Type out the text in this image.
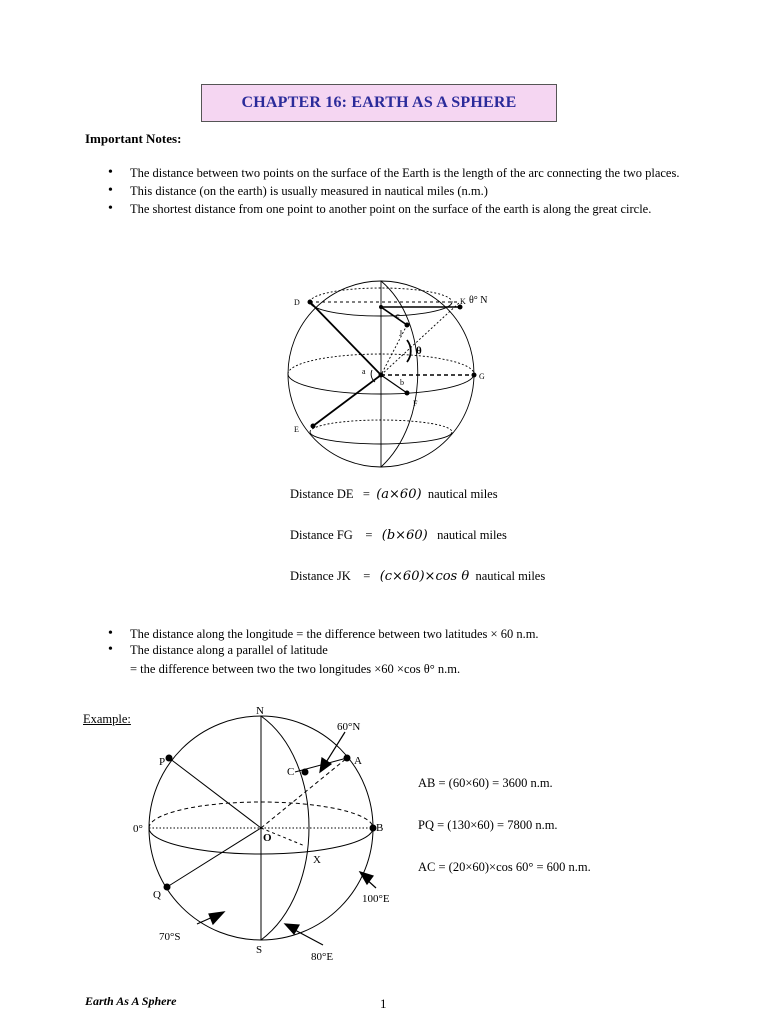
CHAPTER 16: EARTH AS A SPHERE
Important Notes:
• The distance between two points on the surface of the Earth is the length of the arc connecting the two places.
• This distance (on the earth) is usually measured in nautical miles (n.m.)
• The shortest distance from one point to another point on the surface of the earth is along the great circle.
D
E
F
G
K
J
a
b
c
θ
θ° N
Distance DE = (a×60) nautical miles
Distance FG = (b×60) nautical miles
Distance JK = (c×60)×cos θ nautical miles
• The distance along the longitude = the difference between two latitudes × 60 n.m.
• The distance along a parallel of latitude
= the difference between two the two longitudes ×60 ×cos θ° n.m.
Example:
N
S
A
B
C
P
Q
O
X
0°
60°N
70°S
100°E
80°E
AB = (60×60) = 3600 n.m.
PQ = (130×60) = 7800 n.m.
AC = (20×60)×cos 60° = 600 n.m.
Earth As A Sphere	1
